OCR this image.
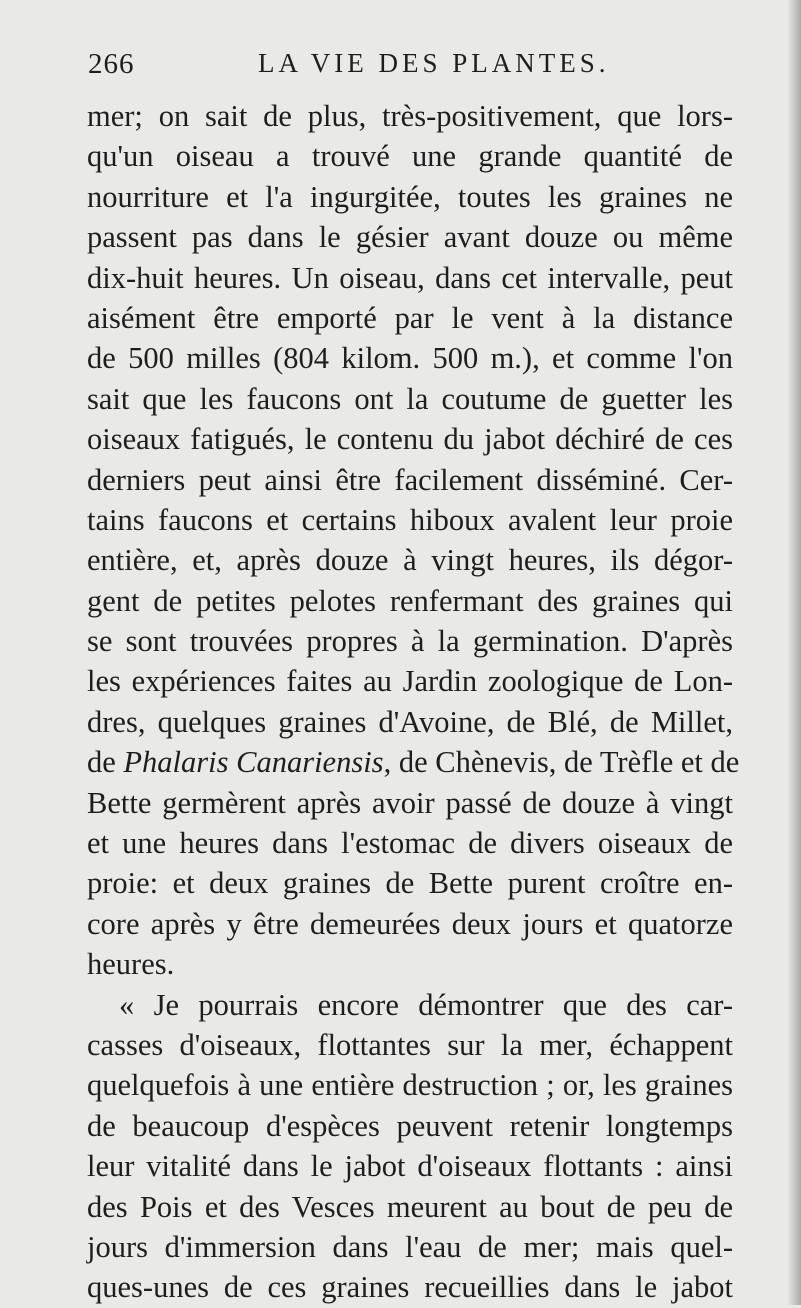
266	LA VIE DES PLANTES.
mer; on sait de plus, très-positivement, que lors-
qu'un oiseau a trouvé une grande quantité de
nourriture et l'a ingurgitée, toutes les graines ne
passent pas dans le gésier avant douze ou même
dix-huit heures. Un oiseau, dans cet intervalle, peut
aisément être emporté par le vent à la distance
de 500 milles (804 kilom. 500 m.), et comme l'on
sait que les faucons ont la coutume de guetter les
oiseaux fatigués, le contenu du jabot déchiré de ces
derniers peut ainsi être facilement disséminé. Cer-
tains faucons et certains hiboux avalent leur proie
entière, et, après douze à vingt heures, ils dégor-
gent de petites pelotes renfermant des graines qui
se sont trouvées propres à la germination. D'après
les expériences faites au Jardin zoologique de Lon-
dres, quelques graines d'Avoine, de Blé, de Millet,
de Phalaris Canariensis, de Chènevis, de Trèfle et de
Bette germèrent après avoir passé de douze à vingt
et une heures dans l'estomac de divers oiseaux de
proie: et deux graines de Bette purent croître en-
core après y être demeurées deux jours et quatorze
heures.
« Je pourrais encore démontrer que des car-
casses d'oiseaux, flottantes sur la mer, échappent
quelquefois à une entière destruction ; or, les graines
de beaucoup d'espèces peuvent retenir longtemps
leur vitalité dans le jabot d'oiseaux flottants : ainsi
des Pois et des Vesces meurent au bout de peu de
jours d'immersion dans l'eau de mer; mais quel-
ques-unes de ces graines recueillies dans le jabot
